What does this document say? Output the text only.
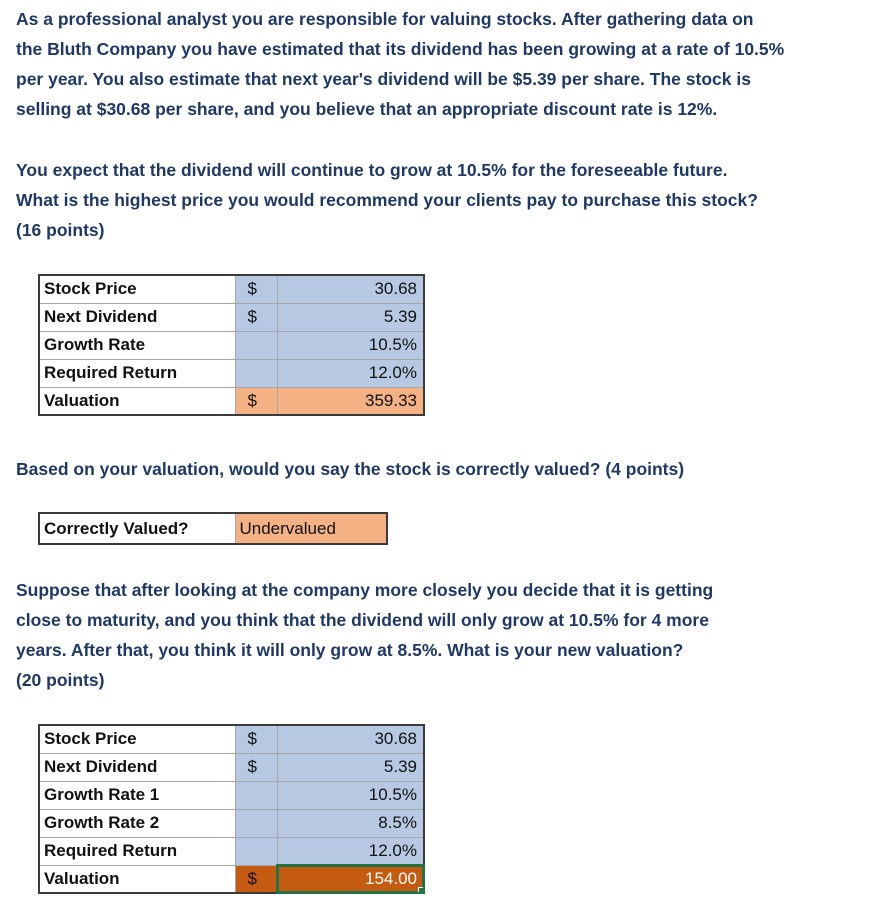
As a professional analyst you are responsible for valuing stocks. After gathering data on
the Bluth Company you have estimated that its dividend has been growing at a rate of 10.5%
per year. You also estimate that next year's dividend will be $5.39 per share. The stock is
selling at $30.68 per share, and you believe that an appropriate discount rate is 12%.
You expect that the dividend will continue to grow at 10.5% for the foreseeable future.
What is the highest price you would recommend your clients pay to purchase this stock?
(16 points)
Stock Price	$	30.68
Next Dividend	$	5.39
Growth Rate		10.5%
Required Return		12.0%
Valuation	$	359.33
Based on your valuation, would you say the stock is correctly valued? (4 points)
Correctly Valued?	Undervalued
Suppose that after looking at the company more closely you decide that it is getting
close to maturity, and you think that the dividend will only grow at 10.5% for 4 more
years. After that, you think it will only grow at 8.5%. What is your new valuation?
(20 points)
Stock Price	$	30.68
Next Dividend	$	5.39
Growth Rate 1		10.5%
Growth Rate 2		8.5%
Required Return		12.0%
Valuation	$	154.00
